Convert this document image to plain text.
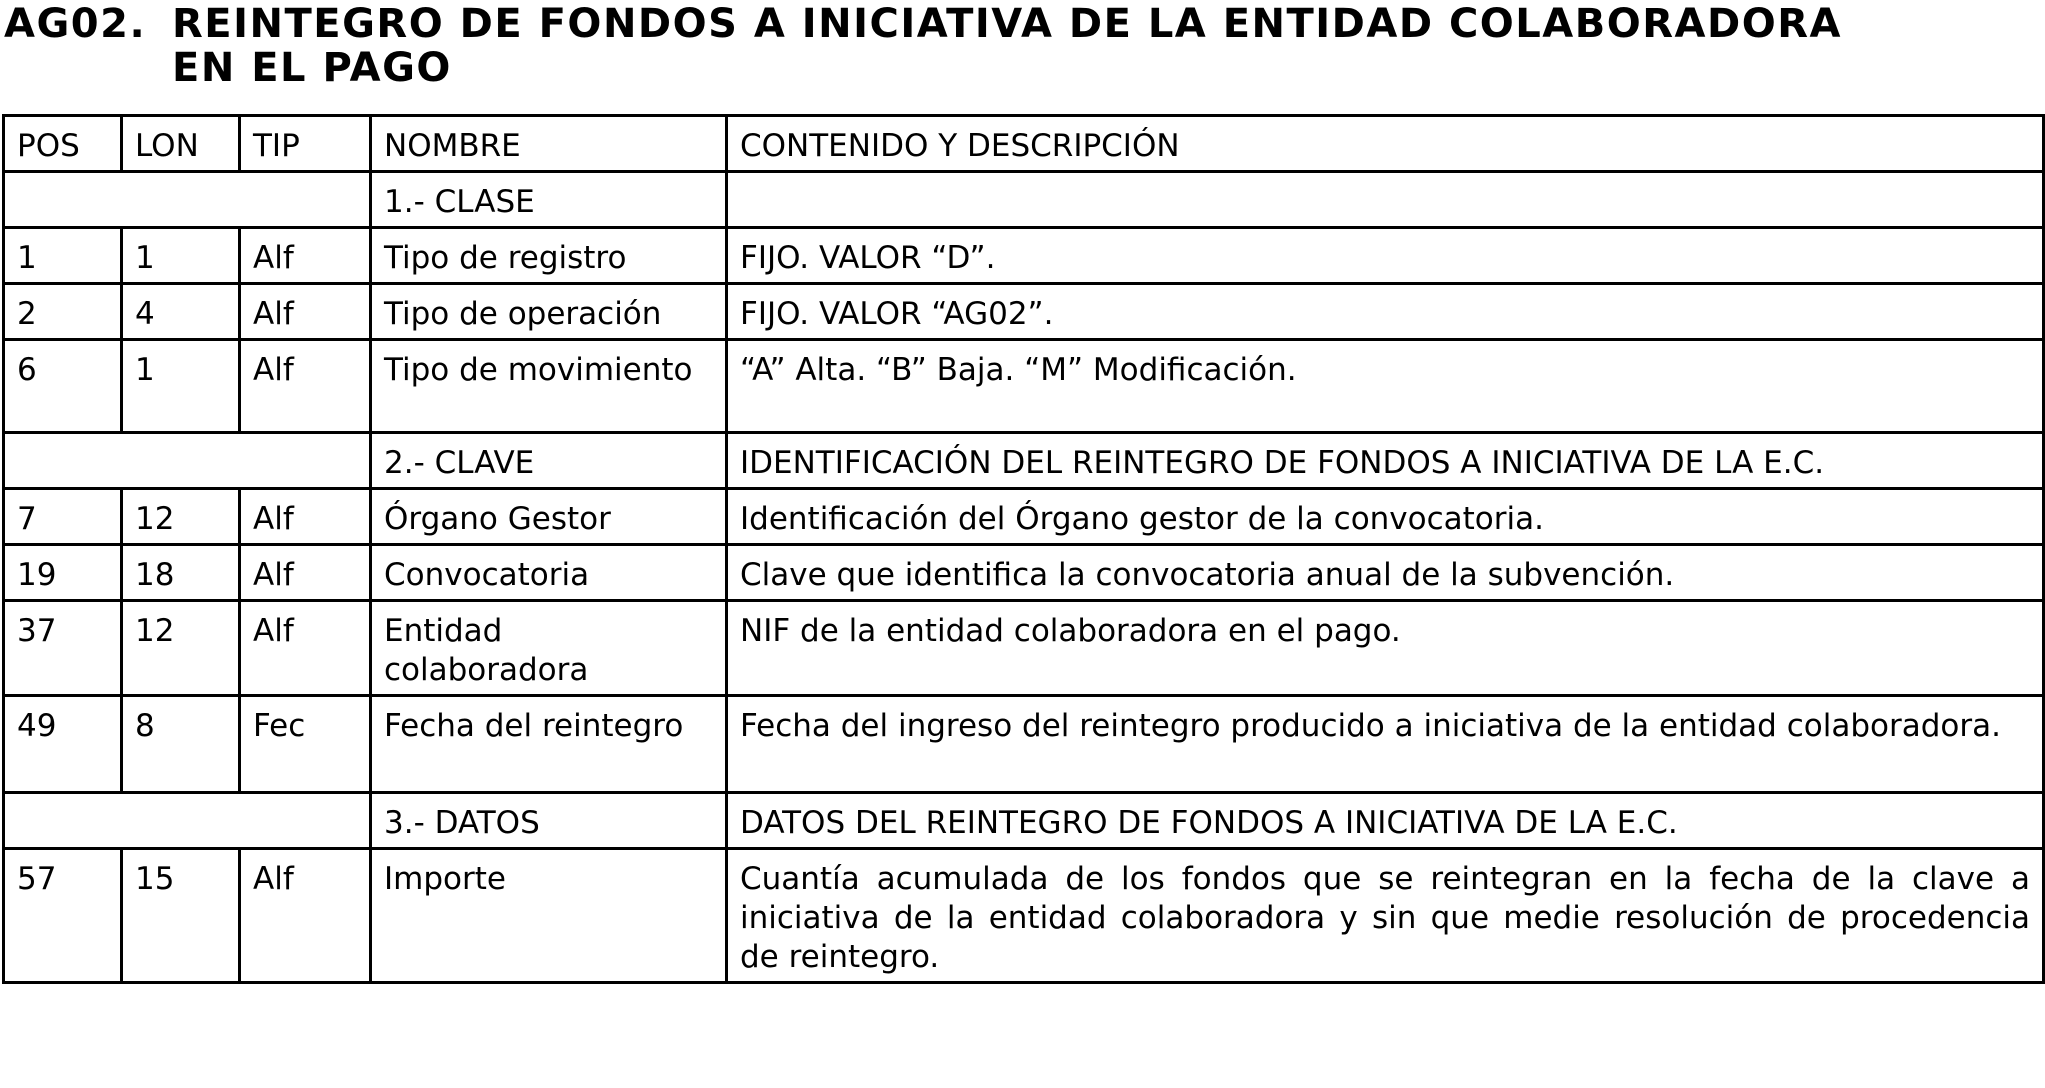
AG02. REINTEGRO DE FONDOS A INICIATIVA DE LA ENTIDAD COLABORADORA
EN EL PAGO
POS	LON	TIP	NOMBRE	CONTENIDO Y DESCRIPCIÓN
			1.- CLASE	
1	1	Alf	Tipo de registro	FIJO. VALOR “D”.
2	4	Alf	Tipo de operación	FIJO. VALOR “AG02”.
6	1	Alf	Tipo de movimiento	“A” Alta. “B” Baja. “M” Modificación.
			2.- CLAVE	IDENTIFICACIÓN DEL REINTEGRO DE FONDOS A INICIATIVA DE LA E.C.
7	12	Alf	Órgano Gestor	Identificación del Órgano gestor de la convocatoria.
19	18	Alf	Convocatoria	Clave que identifica la convocatoria anual de la subvención.
37	12	Alf	Entidad colaboradora	NIF de la entidad colaboradora en el pago.
49	8	Fec	Fecha del reintegro	Fecha del ingreso del reintegro producido a iniciativa de la entidad colaboradora.
			3.- DATOS	DATOS DEL REINTEGRO DE FONDOS A INICIATIVA DE LA E.C.
57	15	Alf	Importe	Cuantía acumulada de los fondos que se reintegran en la fecha de la clave a iniciativa de la entidad colaboradora y sin que medie resolución de procedencia de reintegro.
